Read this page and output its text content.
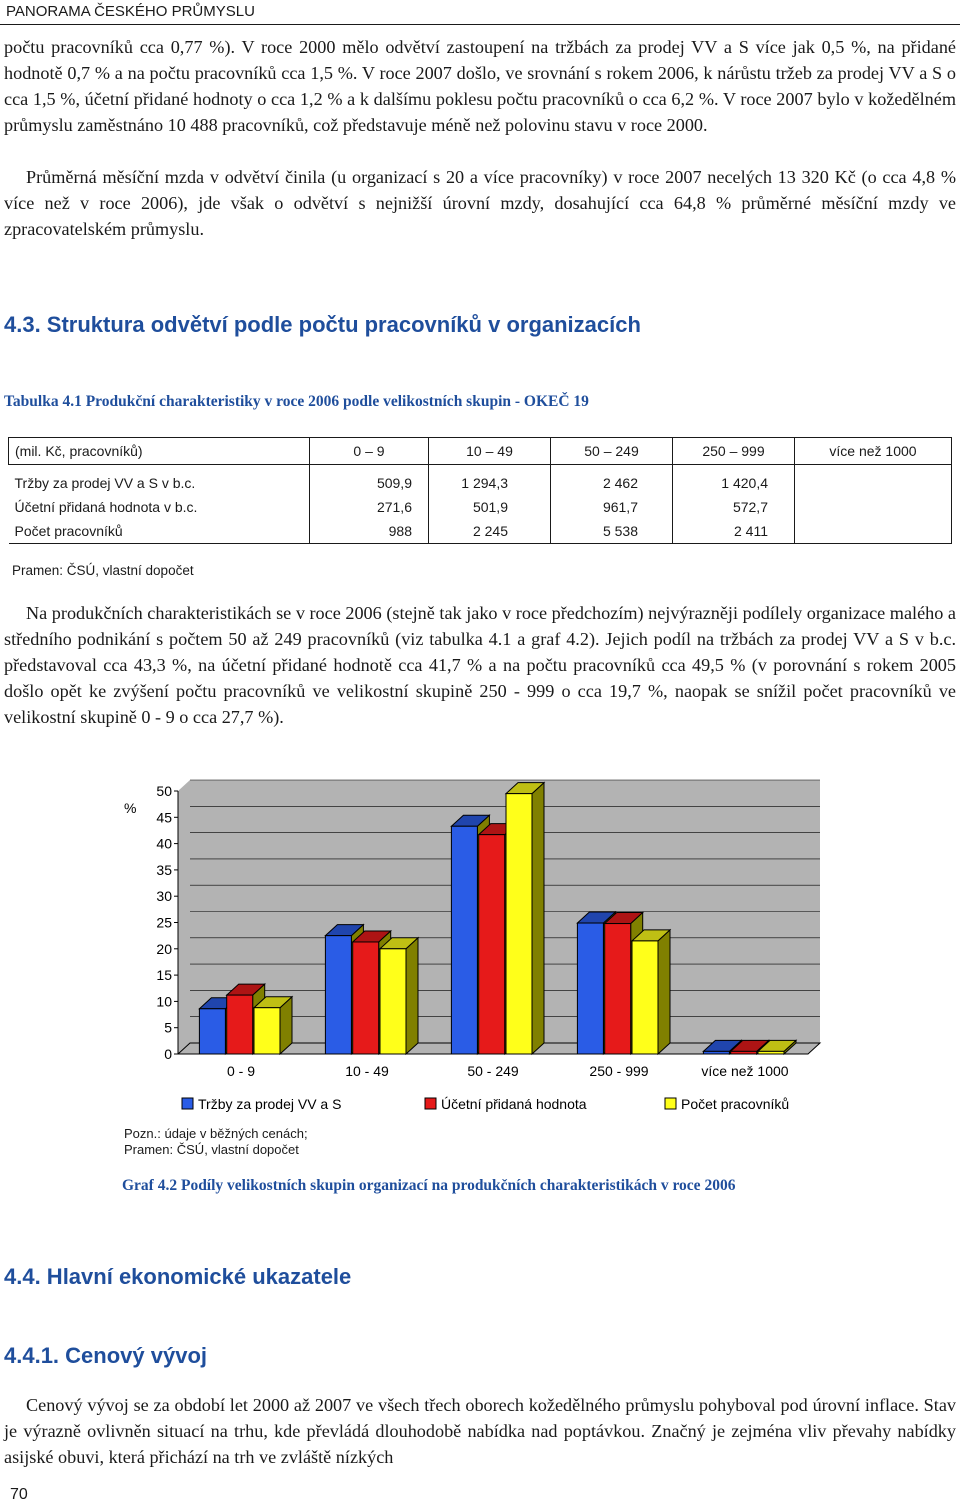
PANORAMA ČESKÉHO PRŮMYSLU

počtu pracovníků cca 0,77 %). V roce 2000 mělo odvětví zastoupení na tržbách za prodej VV a S více jak 0,5 %, na přidané hodnotě 0,7 % a na počtu pracovníků cca 1,5 %. V roce 2007 došlo, ve srovnání s rokem 2006, k nárůstu tržeb za prodej VV a S o cca 1,5 %, účetní přidané hodnoty o cca 1,2 % a k dalšímu poklesu počtu pracovníků o cca 6,2 %. V roce 2007 bylo v kožedělném průmyslu zaměstnáno 10 488 pracovníků, což představuje méně než polovinu stavu v roce 2000.

Průměrná měsíční mzda v odvětví činila (u organizací s 20 a více pracovníky) v roce 2007 necelých 13 320 Kč (o cca 4,8 % více než v roce 2006), jde však o odvětví s nejnižší úrovní mzdy, dosahující cca 64,8 % průměrné měsíční mzdy ve zpracovatelském průmyslu.

4.3. Struktura odvětví podle počtu pracovníků v organizacích

Tabulka 4.1 Produkční charakteristiky v roce 2006 podle velikostních skupin - OKEČ 19

(mil. Kč, pracovníků)	0 – 9	10 – 49	50 – 249	250 – 999	více než 1000
Tržby za prodej VV a S v b.c.	509,9	1 294,3	2 462	1 420,4	
Účetní přidaná hodnota v b.c.	271,6	501,9	961,7	572,7	
Počet pracovníků	988	2 245	5 538	2 411	

Pramen: ČSÚ, vlastní dopočet

Na produkčních charakteristikách se v roce 2006 (stejně tak jako v roce předchozím) nejvýrazněji podílely organizace malého a středního podnikání s počtem 50 až 249 pracovníků (viz tabulka 4.1 a graf 4.2). Jejich podíl na tržbách za prodej VV a S v b.c. představoval cca 43,3 %, na účetní přidané hodnotě cca 41,7 % a na počtu pracovníků cca 49,5 % (v porovnání s rokem 2005 došlo opět ke zvýšení počtu pracovníků ve velikostní skupině 250 - 999 o cca 19,7 %, naopak se snížil počet pracovníků ve velikostní skupině 0 - 9 o cca 27,7 %).

0
5
10
15
20
25
30
35
40
45
50
%
0 - 9	10 - 49	50 - 249	250 - 999	více než 1000
Tržby za prodej VV a S	Účetní přidaná hodnota	Počet pracovníků

Pozn.: údaje v běžných cenách;

Pramen: ČSÚ, vlastní dopočet

Graf 4.2 Podíly velikostních skupin organizací na produkčních charakteristikách v roce 2006

4.4. Hlavní ekonomické ukazatele
4.4.1. Cenový vývoj

Cenový vývoj se za období let 2000 až 2007 ve všech třech oborech kožedělného průmyslu pohyboval pod úrovní inflace. Stav je výrazně ovlivněn situací na trhu, kde převládá dlouhodobě nabídka nad poptávkou. Značný je zejména vliv převahy nabídky asijské obuvi, která přichází na trh ve zvláště nízkých

70
